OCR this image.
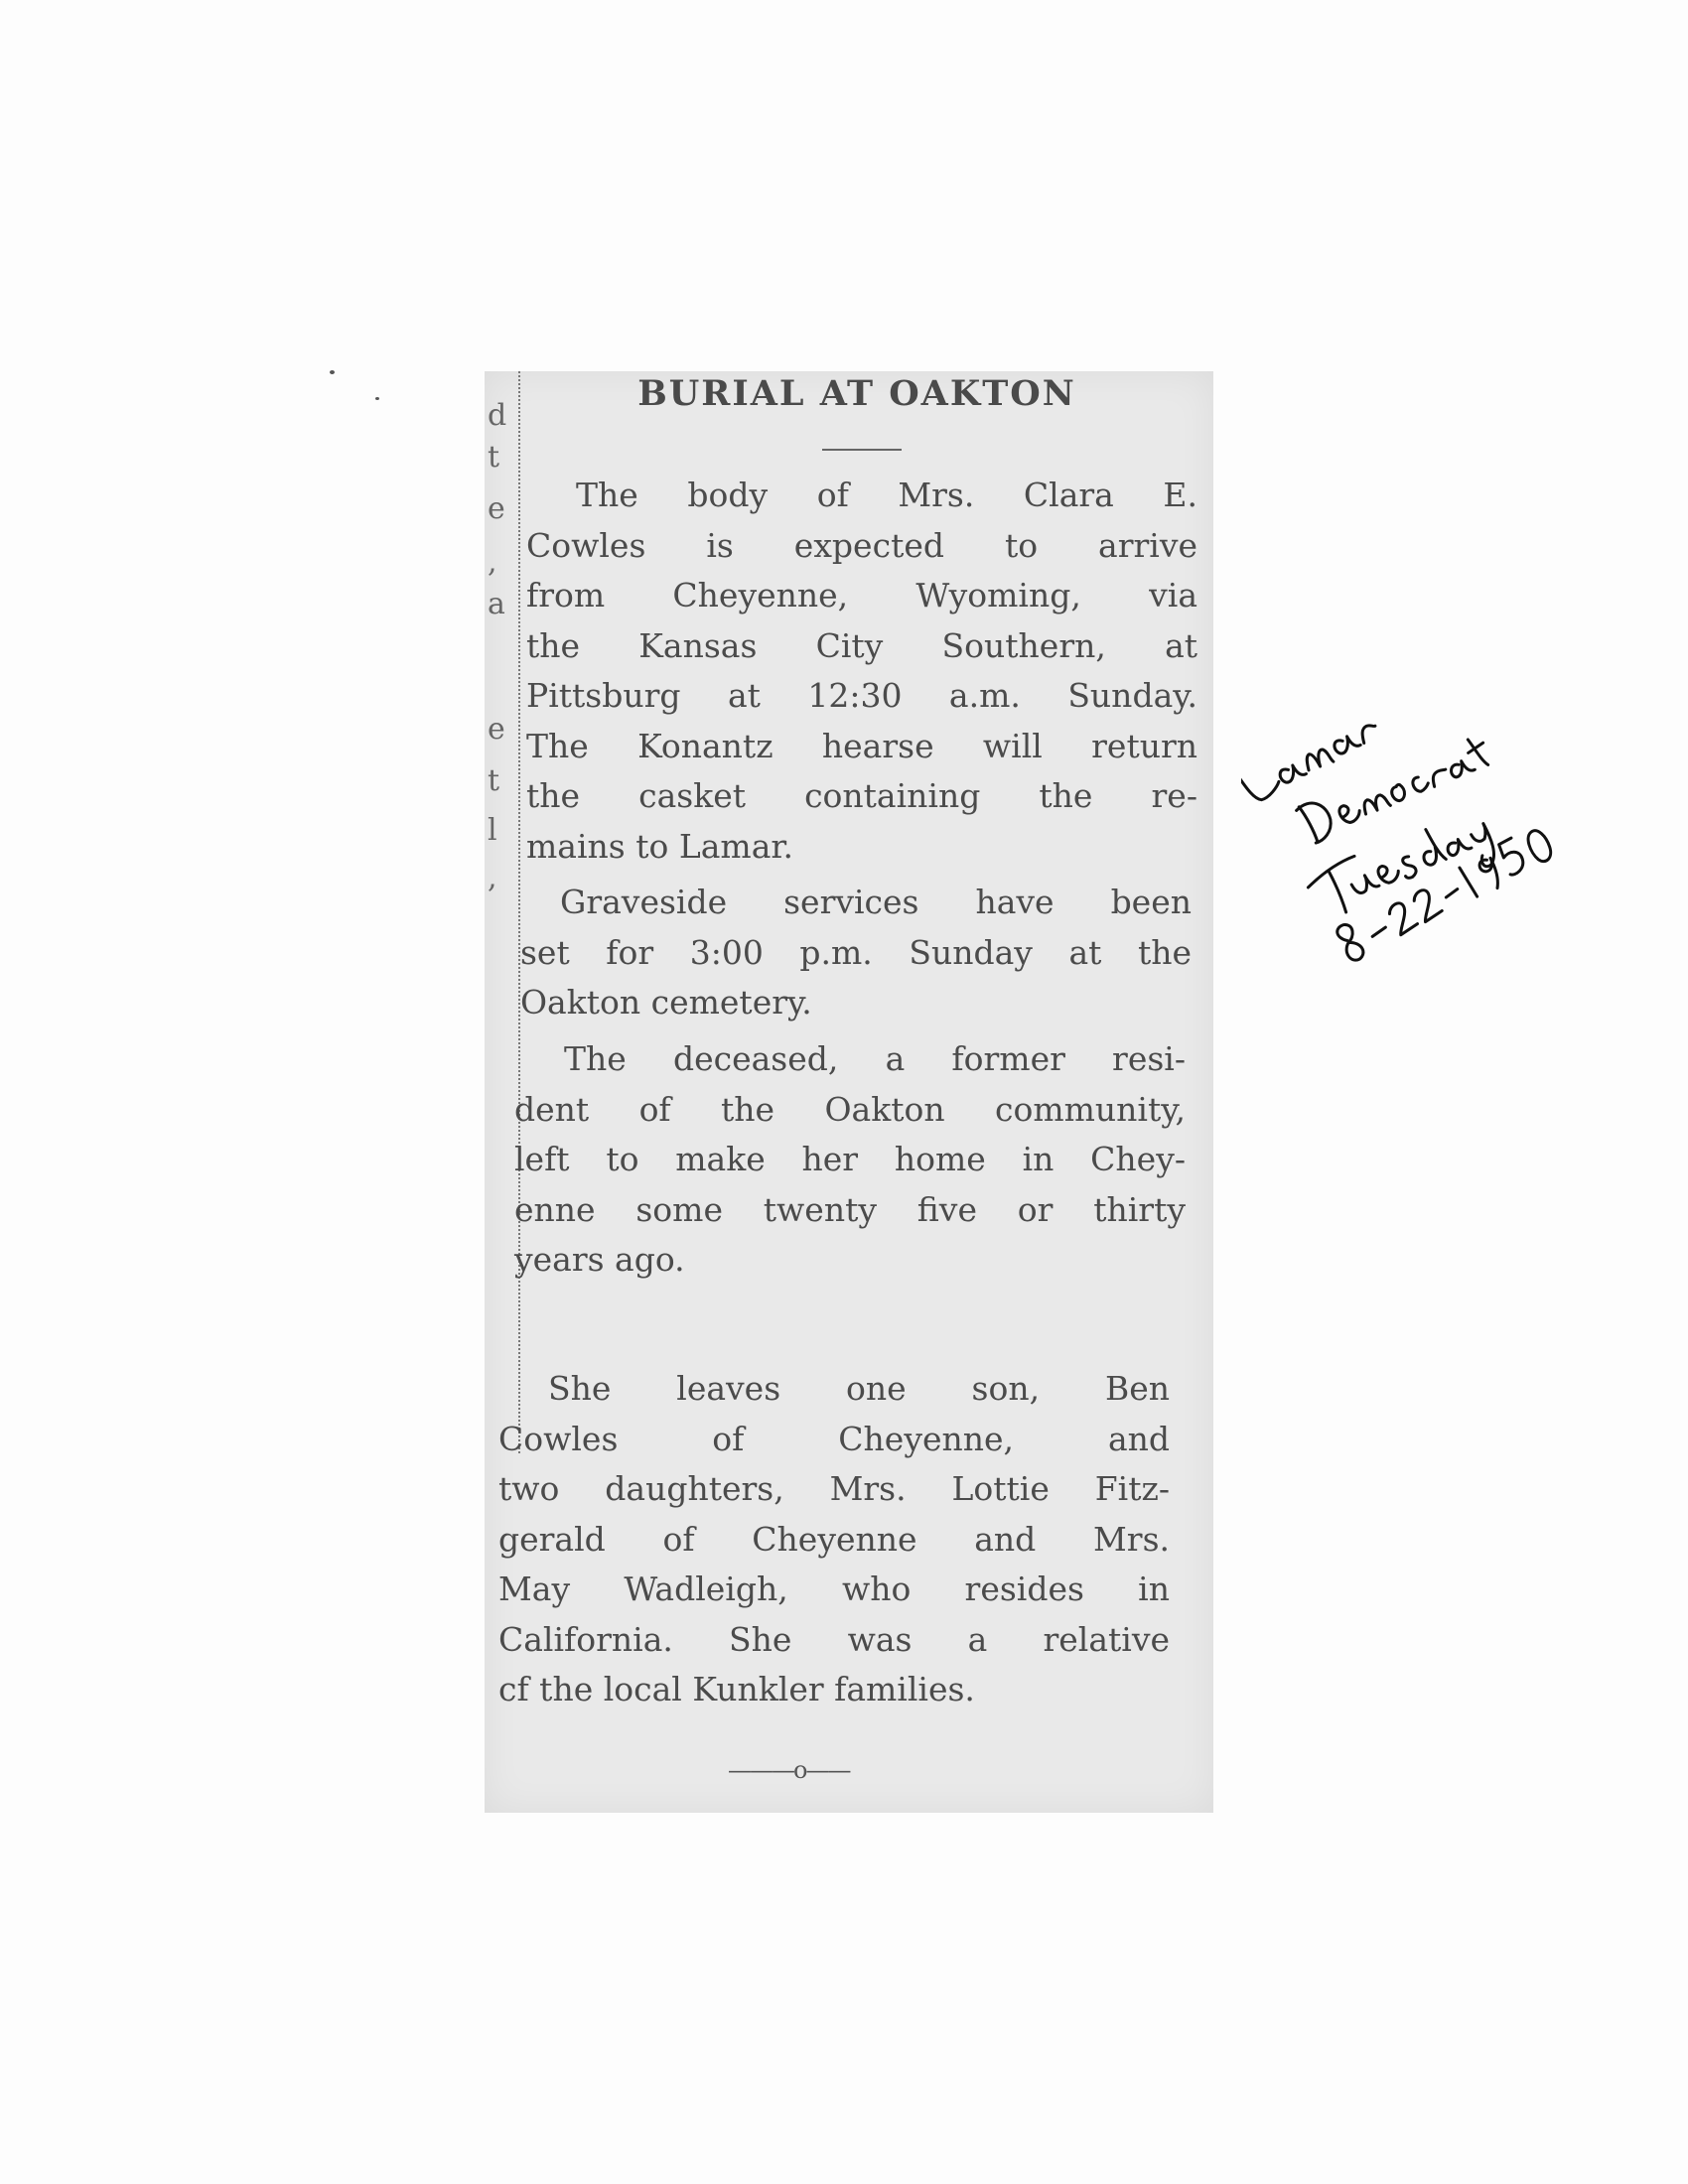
d
t
e
,
a
e
t
l
,
BURIAL AT OAKTON
The body of Mrs. Clara E.
Cowles is expected to arrive
from Cheyenne, Wyoming, via
the Kansas City Southern, at
Pittsburg at 12:30 a.m. Sunday.
The Konantz hearse will return
the casket containing the re-
mains to Lamar.
Graveside services have been
set for 3:00 p.m. Sunday at the
Oakton cemetery.
The deceased, a former resi-
dent of the Oakton community,
left to make her home in Chey-
enne some twenty five or thirty
years ago.
She leaves one son, Ben
Cowles of Cheyenne, and
two daughters, Mrs. Lottie Fitz-
gerald of Cheyenne and Mrs.
May Wadleigh, who resides in
California. She was a relative
cf the local Kunkler families.
———o——
